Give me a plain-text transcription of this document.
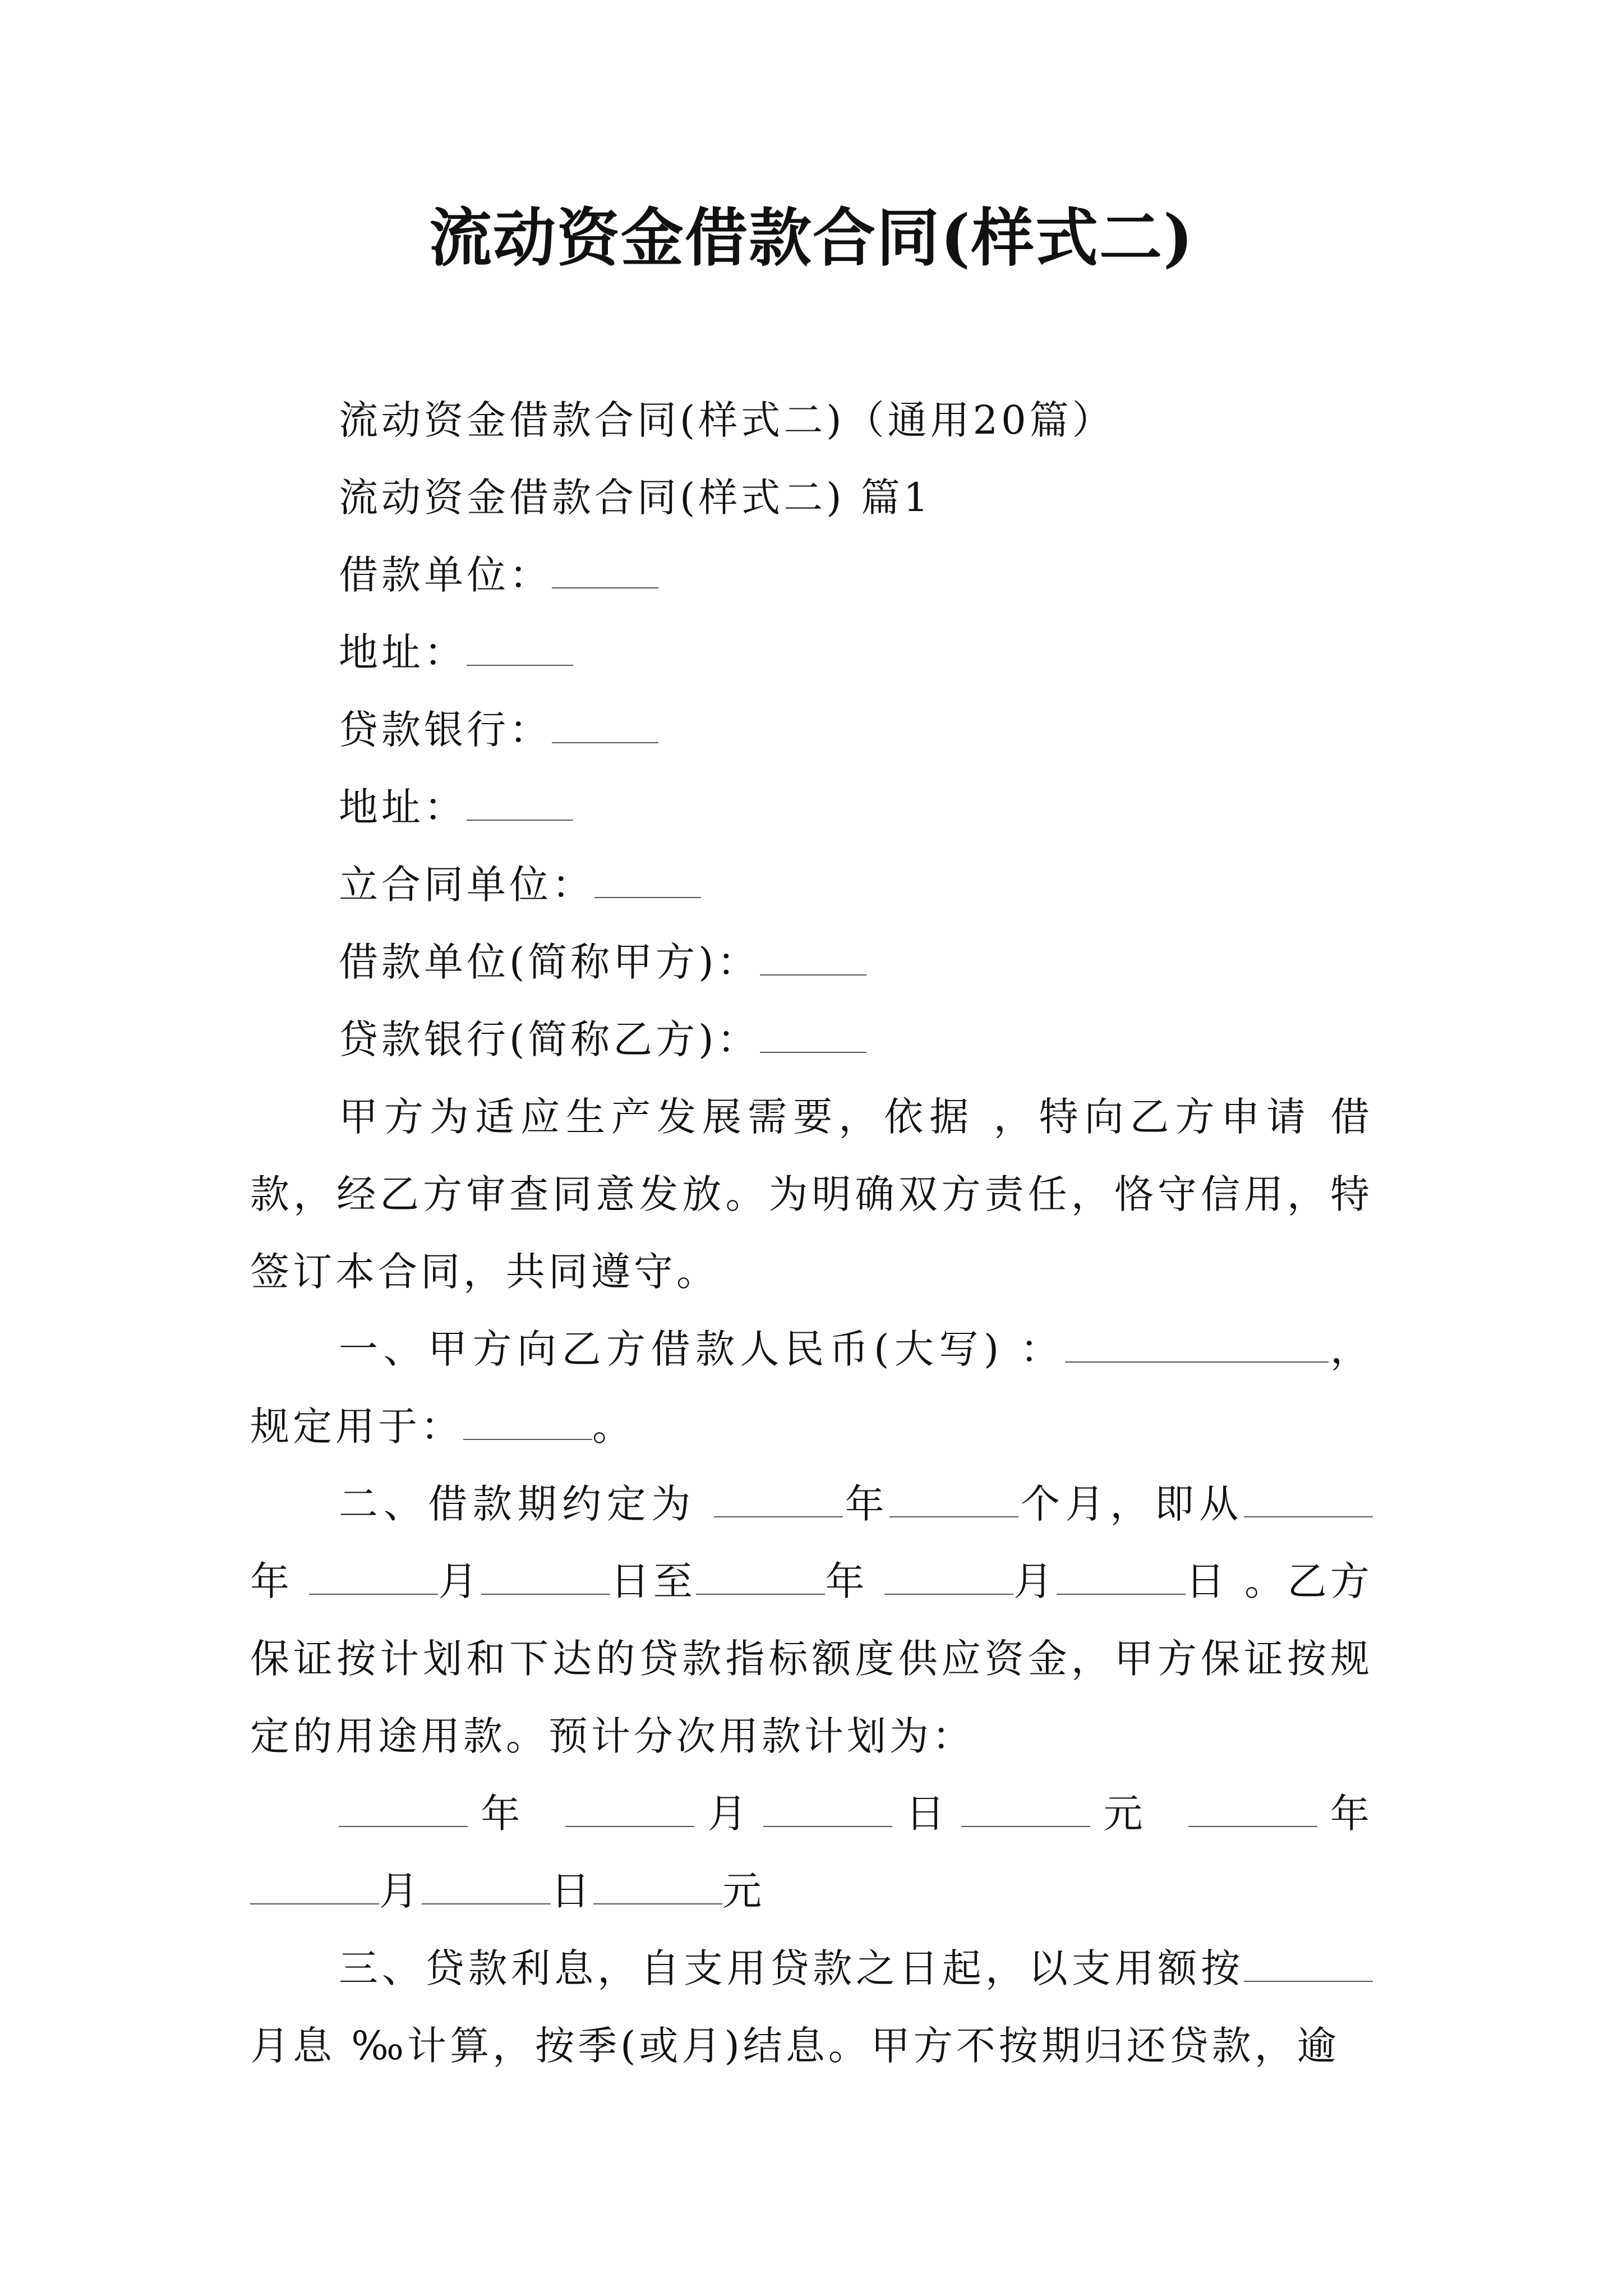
流动资金借款合同(样式二)

流动资金借款合同(样式二)（通用20篇）

流动资金借款合同(样式二) 篇1

借款单位：

地址：

贷款银行：

地址：

立合同单位：

借款单位(简称甲方)：

贷款银行(简称乙方)：

甲方为适应生产发展需要，依据 ，特向乙方申请 借款，经乙方审查同意发放。为明确双方责任，恪守信用，特签订本合同，共同遵守。

一、甲方向乙方借款人民币(大写) ：	，规定用于：	。

二、借款期约定为	年	个月，即从年	月	日至	年	月	日 。乙方保证按计划和下达的贷款指标额度供应资金，甲方保证按规定的用途用款。预计分次用款计划为：

年	月	日	元	年 月	日	元

三、贷款利息，自支用贷款之日起，以支用额按月息 ‰计算，按季(或月)结息。甲方不按期归还贷款，逾
